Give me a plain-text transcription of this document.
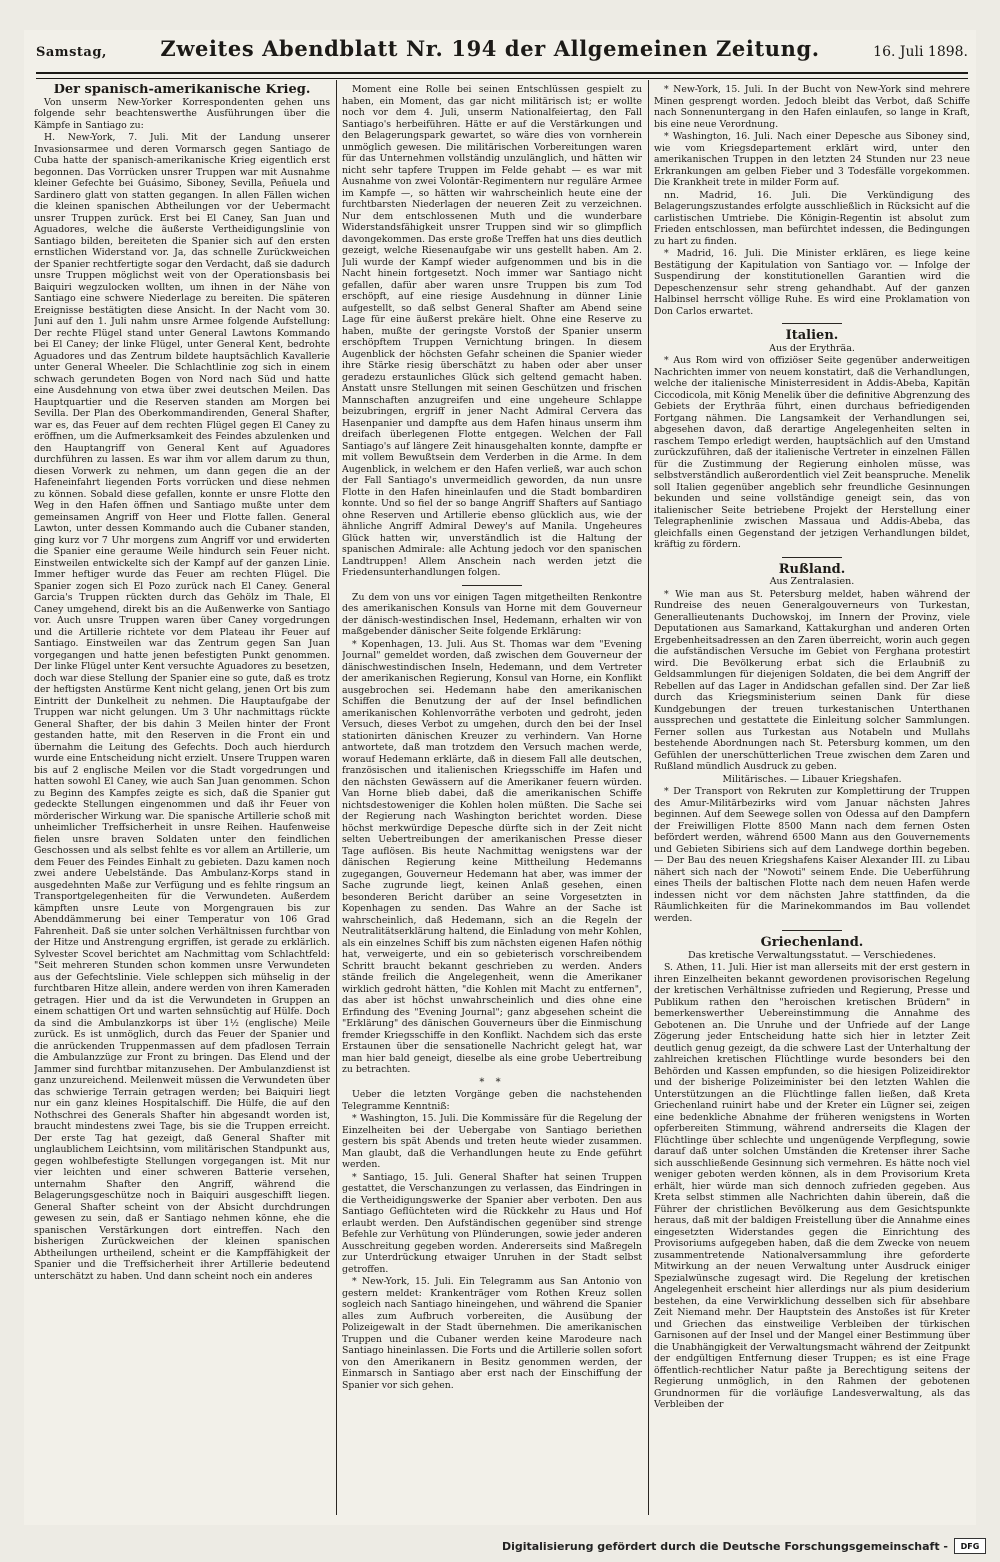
Samstag,	Zweites Abendblatt Nr. 194 der Allgemeinen Zeitung.	16. Juli 1898.

Der spanisch-amerikanische Krieg.

Von unserm New-Yorker Korrespondenten gehen uns folgende sehr beachtenswerthe Ausführungen über die Kämpfe in Santiago zu:

H. New-York, 7. Juli. Mit der Landung unserer Invasionsarmee und deren Vormarsch gegen Santiago de Cuba hatte der spanisch-amerikanische Krieg eigentlich erst begonnen. Das Vorrücken unsrer Truppen war mit Ausnahme kleiner Gefechte bei Guásimo, Siboney, Sevilla, Peñuela und Sardinero glatt von statten gegangen. In allen Fällen wichen die kleinen spanischen Abtheilungen vor der Uebermacht unsrer Truppen zurück. Erst bei El Caney, San Juan und Aguadores, welche die äußerste Vertheidigungslinie von Santiago bilden, bereiteten die Spanier sich auf den ersten ernstlichen Widerstand vor. Ja, das schnelle Zurückweichen der Spanier rechtfertigte sogar den Verdacht, daß sie dadurch unsre Truppen möglichst weit von der Operationsbasis bei Baiquiri wegzulocken wollten, um ihnen in der Nähe von Santiago eine schwere Niederlage zu bereiten. Die späteren Ereignisse bestätigten diese Ansicht. In der Nacht vom 30. Juni auf den 1. Juli nahm unsre Armee folgende Aufstellung: Der rechte Flügel stand unter General Lawtons Kommando bei El Caney; der linke Flügel, unter General Kent, bedrohte Aguadores und das Zentrum bildete hauptsächlich Kavallerie unter General Wheeler. Die Schlachtlinie zog sich in einem schwach gerundeten Bogen von Nord nach Süd und hatte eine Ausdehnung von etwa über zwei deutschen Meilen. Das Hauptquartier und die Reserven standen am Morgen bei Sevilla. Der Plan des Oberkommandirenden, General Shafter, war es, das Feuer auf dem rechten Flügel gegen El Caney zu eröffnen, um die Aufmerksamkeit des Feindes abzulenken und den Hauptangriff von General Kent auf Aguadores durchführen zu lassen. Es war ihm vor allem darum zu thun, diesen Vorwerk zu nehmen, um dann gegen die an der Hafeneinfahrt liegenden Forts vorrücken und diese nehmen zu können. Sobald diese gefallen, konnte er unsre Flotte den Weg in den Hafen öffnen und Santiago mußte unter dem gemeinsamen Angriff von Heer und Flotte fallen. General Lawton, unter dessen Kommando auch die Cubaner standen, ging kurz vor 7 Uhr morgens zum Angriff vor und erwiderten die Spanier eine geraume Weile hindurch sein Feuer nicht. Einstweilen entwickelte sich der Kampf auf der ganzen Linie. Immer heftiger wurde das Feuer am rechten Flügel. Die Spanier zogen sich El Pozo zurück nach El Caney. General Garcia's Truppen rückten durch das Gehölz im Thale, El Caney umgehend, direkt bis an die Außenwerke von Santiago vor. Auch unsre Truppen waren über Caney vorgedrungen und die Artillerie richtete vor dem Plateau ihr Feuer auf Santiago. Einstweilen war das Zentrum gegen San Juan vorgegangen und hatte jenen befestigten Punkt genommen. Der linke Flügel unter Kent versuchte Aguadores zu besetzen, doch war diese Stellung der Spanier eine so gute, daß es trotz der heftigsten Anstürme Kent nicht gelang, jenen Ort bis zum Eintritt der Dunkelheit zu nehmen. Die Hauptaufgabe der Truppen war nicht gelungen. Um 3 Uhr nachmittags rückte General Shafter, der bis dahin 3 Meilen hinter der Front gestanden hatte, mit den Reserven in die Front ein und übernahm die Leitung des Gefechts. Doch auch hierdurch wurde eine Entscheidung nicht erzielt. Unsere Truppen waren bis auf 2 englische Meilen vor die Stadt vorgedrungen und hatten sowohl El Caney, wie auch San Juan genommen. Schon zu Beginn des Kampfes zeigte es sich, daß die Spanier gut gedeckte Stellungen eingenommen und daß ihr Feuer von mörderischer Wirkung war. Die spanische Artillerie schoß mit unheimlicher Treffsicherheit in unsre Reihen. Haufenweise fielen unsre braven Soldaten unter den feindlichen Geschossen und als selbst fehlte es vor allem an Artillerie, um dem Feuer des Feindes Einhalt zu gebieten. Dazu kamen noch zwei andere Uebelstände. Das Ambulanz-Korps stand in ausgedehnten Maße zur Verfügung und es fehlte ringsum an Transportgelegenheiten für die Verwundeten. Außerdem kämpften unsre Leute von Morgengrauen bis zur Abenddämmerung bei einer Temperatur von 106 Grad Fahrenheit. Daß sie unter solchen Verhältnissen furchtbar von der Hitze und Anstrengung ergriffen, ist gerade zu erklärlich. Sylvester Scovel berichtet am Nachmittag vom Schlachtfeld: "Seit mehreren Stunden schon kommen unsre Verwundeten aus der Gefechtslinie. Viele schleppen sich mühselig in der furchtbaren Hitze allein, andere werden von ihren Kameraden getragen. Hier und da ist die Verwundeten in Gruppen an einem schattigen Ort und warten sehnsüchtig auf Hülfe. Doch da sind die Ambulanzkorps ist über 1½ (englische) Meile zurück. Es ist unmöglich, durch das Feuer der Spanier und die anrückenden Truppenmassen auf dem pfadlosen Terrain die Ambulanzzüge zur Front zu bringen. Das Elend und der Jammer sind furchtbar mitanzusehen. Der Ambulanzdienst ist ganz unzureichend. Meilenweit müssen die Verwundeten über das schwierige Terrain getragen werden; bei Baiquiri liegt nur ein ganz kleines Hospitalschiff. Die Hülfe, die auf den Nothschrei des Generals Shafter hin abgesandt worden ist, braucht mindestens zwei Tage, bis sie die Truppen erreicht. Der erste Tag hat gezeigt, daß General Shafter mit unglaublichem Leichtsinn, vom militärischen Standpunkt aus, gegen wohlbefestigte Stellungen vorgegangen ist. Mit nur vier leichten und einer schweren Batterie versehen, unternahm Shafter den Angriff, während die Belagerungsgeschütze noch in Baiquiri ausgeschifft liegen. General Shafter scheint von der Absicht durchdrungen gewesen zu sein, daß er Santiago nehmen könne, ehe die spanischen Verstärkungen dort eintreffen. Nach den bisherigen Zurückweichen der kleinen spanischen Abtheilungen urtheilend, scheint er die Kampffähigkeit der Spanier und die Treffsicherheit ihrer Artillerie bedeutend unterschätzt zu haben. Und dann scheint noch ein anderes

Moment eine Rolle bei seinen Entschlüssen gespielt zu haben, ein Moment, das gar nicht militärisch ist; er wollte noch vor dem 4. Juli, unserm Nationalfeiertag, den Fall Santiago's herbeiführen. Hätte er auf die Verstärkungen und den Belagerungspark gewartet, so wäre dies von vornherein unmöglich gewesen. Die militärischen Vorbereitungen waren für das Unternehmen vollständig unzulänglich, und hätten wir nicht sehr tapfere Truppen im Felde gehabt — es war mit Ausnahme von zwei Volontär-Regimentern nur reguläre Armee im Kampfe —, so hätten wir wahrscheinlich heute eine der furchtbarsten Niederlagen der neueren Zeit zu verzeichnen. Nur dem entschlossenen Muth und die wunderbare Widerstandsfähigkeit unsrer Truppen sind wir so glimpflich davongekommen. Das erste große Treffen hat uns dies deutlich gezeigt, welche Riesenaufgabe wir uns gestellt haben. Am 2. Juli wurde der Kampf wieder aufgenommen und bis in die Nacht hinein fortgesetzt. Noch immer war Santiago nicht gefallen, dafür aber waren unsre Truppen bis zum Tod erschöpft, auf eine riesige Ausdehnung in dünner Linie aufgestellt, so daß selbst General Shafter am Abend seine Lage für eine äußerst prekäre hielt. Ohne eine Reserve zu haben, mußte der geringste Vorstoß der Spanier unserm erschöpftem Truppen Vernichtung bringen. In diesem Augenblick der höchsten Gefahr scheinen die Spanier wieder ihre Stärke riesig überschätzt zu haben oder aber unser geradezu erstaunliches Glück sich geltend gemacht haben. Anstatt unsre Stellungen mit seinen Geschützen und frischen Mannschaften anzugreifen und eine ungeheure Schlappe beizubringen, ergriff in jener Nacht Admiral Cervera das Hasenpanier und dampfte aus dem Hafen hinaus unserm ihm dreifach überlegenen Flotte entgegen. Welchen der Fall Santiago's auf längere Zeit hinausgehalten konnte, dampfte er mit vollem Bewußtsein dem Verderben in die Arme. In dem Augenblick, in welchem er den Hafen verließ, war auch schon der Fall Santiago's unvermeidlich geworden, da nun unsre Flotte in den Hafen hineinlaufen und die Stadt bombardiren konnte. Und so fiel der so bange Angriff Shafters auf Santiago ohne Reserven und Artillerie ebenso glücklich aus, wie der ähnliche Angriff Admiral Dewey's auf Manila. Ungeheures Glück hatten wir, unverständlich ist die Haltung der spanischen Admirale: alle Achtung jedoch vor den spanischen Landtruppen! Allem Anschein nach werden jetzt die Friedensunterhandlungen folgen.

Zu dem von uns vor einigen Tagen mitgetheilten Renkontre des amerikanischen Konsuls van Horne mit dem Gouverneur der dänisch-westindischen Insel, Hedemann, erhalten wir von maßgebender dänischer Seite folgende Erklärung:

* Kopenhagen, 13. Juli. Aus St. Thomas war dem "Evening Journal" gemeldet worden, daß zwischen dem Gouverneur der dänischwestindischen Inseln, Hedemann, und dem Vertreter der amerikanischen Regierung, Konsul van Horne, ein Konflikt ausgebrochen sei. Hedemann habe den amerikanischen Schiffen die Benutzung der auf der Insel befindlichen amerikanischen Kohlenvorräthe verboten und gedroht, jeden Versuch, dieses Verbot zu umgehen, durch den bei der Insel stationirten dänischen Kreuzer zu verhindern. Van Horne antwortete, daß man trotzdem den Versuch machen werde, worauf Hedemann erklärte, daß in diesem Fall alle deutschen, französischen und italienischen Kriegsschiffe im Hafen und den nächsten Gewässern auf die Amerikaner feuern würden. Van Horne blieb dabei, daß die amerikanischen Schiffe nichtsdestoweniger die Kohlen holen müßten. Die Sache sei der Regierung nach Washington berichtet worden. Diese höchst merkwürdige Depesche dürfte sich in der Zeit nicht selten Uebertreibungen der amerikanischen Presse dieser Tage auflösen. Bis heute Nachmittag wenigstens war der dänischen Regierung keine Mittheilung Hedemanns zugegangen, Gouverneur Hedemann hat aber, was immer der Sache zugrunde liegt, keinen Anlaß gesehen, einen besonderen Bericht darüber an seine Vorgesetzten in Kopenhagen zu senden. Das Wahre an der Sache ist wahrscheinlich, daß Hedemann, sich an die Regeln der Neutralitätserklärung haltend, die Einladung von mehr Kohlen, als ein einzelnes Schiff bis zum nächsten eigenen Hafen nöthig hat, verweigerte, und ein so gebieterisch vorschreibendem Schritt braucht bekannt geschrieben zu werden. Anders stände freilich die Angelegenheit, wenn die Amerikaner wirklich gedroht hätten, "die Kohlen mit Macht zu entfernen", das aber ist höchst unwahrscheinlich und dies ohne eine Erfindung des "Evening Journal"; ganz abgesehen scheint die "Erklärung" des dänischen Gouverneurs über die Einmischung fremder Kriegsschiffe in den Konflikt. Nachdem sich das erste Erstaunen über die sensationelle Nachricht gelegt hat, war man hier bald geneigt, dieselbe als eine grobe Uebertreibung zu betrachten.

* *

Ueber die letzten Vorgänge geben die nachstehenden Telegramme Kenntniß:

* Washington, 15. Juli. Die Kommissäre für die Regelung der Einzelheiten bei der Uebergabe von Santiago beriethen gestern bis spät Abends und treten heute wieder zusammen. Man glaubt, daß die Verhandlungen heute zu Ende geführt werden.

* Santiago, 15. Juli. General Shafter hat seinen Truppen gestattet, die Verschanzungen zu verlassen, das Eindringen in die Vertheidigungswerke der Spanier aber verboten. Den aus Santiago Geflüchteten wird die Rückkehr zu Haus und Hof erlaubt werden. Den Aufständischen gegenüber sind strenge Befehle zur Verhütung von Plünderungen, sowie jeder anderen Ausschreitung gegeben worden. Andererseits sind Maßregeln zur Unterdrückung etwaiger Unruhen in der Stadt selbst getroffen.

* New-York, 15. Juli. Ein Telegramm aus San Antonio von gestern meldet: Krankenträger vom Rothen Kreuz sollen sogleich nach Santiago hineingehen, und während die Spanier alles zum Aufbruch vorbereiten, die Ausübung der Polizeigewalt in der Stadt übernehmen. Die amerikanischen Truppen und die Cubaner werden keine Marodeure nach Santiago hineinlassen. Die Forts und die Artillerie sollen sofort von den Amerikanern in Besitz genommen werden, der Einmarsch in Santiago aber erst nach der Einschiffung der Spanier vor sich gehen.

* New-York, 15. Juli. In der Bucht von New-York sind mehrere Minen gesprengt worden. Jedoch bleibt das Verbot, daß Schiffe nach Sonnenuntergang in den Hafen einlaufen, so lange in Kraft, bis eine neue Verordnung.

* Washington, 16. Juli. Nach einer Depesche aus Siboney sind, wie vom Kriegsdepartement erklärt wird, unter den amerikanischen Truppen in den letzten 24 Stunden nur 23 neue Erkrankungen am gelben Fieber und 3 Todesfälle vorgekommen. Die Krankheit trete in milder Form auf.

nn. Madrid, 16. Juli. Die Verkündigung des Belagerungszustandes erfolgte ausschließlich in Rücksicht auf die carlistischen Umtriebe. Die Königin-Regentin ist absolut zum Frieden entschlossen, man befürchtet indessen, die Bedingungen zu hart zu finden.

* Madrid, 16. Juli. Die Minister erklären, es liege keine Bestätigung der Kapitulation von Santiago vor. — Infolge der Suspendirung der konstitutionellen Garantien wird die Depeschenzensur sehr streng gehandhabt. Auf der ganzen Halbinsel herrscht völlige Ruhe. Es wird eine Proklamation von Don Carlos erwartet.

Italien.

Aus der Erythräa.

* Aus Rom wird von offiziöser Seite gegenüber anderweitigen Nachrichten immer von neuem konstatirt, daß die Verhandlungen, welche der italienische Ministerresident in Addis-Abeba, Kapitän Ciccodicola, mit König Menelik über die definitive Abgrenzung des Gebiets der Erythräa führt, einen durchaus befriedigenden Fortgang nähmen. Die Langsamkeit der Verhandlungen sei, abgesehen davon, daß derartige Angelegenheiten selten in raschem Tempo erledigt werden, hauptsächlich auf den Umstand zurückzuführen, daß der italienische Vertreter in einzelnen Fällen für die Zustimmung der Regierung einholen müsse, was selbstverständlich außerordentlich viel Zeit beanspruche. Menelik soll Italien gegenüber angeblich sehr freundliche Gesinnungen bekunden und seine vollständige geneigt sein, das von italienischer Seite betriebene Projekt der Herstellung einer Telegraphenlinie zwischen Massaua und Addis-Abeba, das gleichfalls einen Gegenstand der jetzigen Verhandlungen bildet, kräftig zu fördern.

Rußland.

Aus Zentralasien.

* Wie man aus St. Petersburg meldet, haben während der Rundreise des neuen Generalgouverneurs von Turkestan, Generallieutenants Duchowskoj, im Innern der Provinz, viele Deputationen aus Samarkand, Kattakurghan und anderen Orten Ergebenheitsadressen an den Zaren überreicht, worin auch gegen die aufständischen Versuche im Gebiet von Ferghana protestirt wird. Die Bevölkerung erbat sich die Erlaubniß zu Geldsammlungen für diejenigen Soldaten, die bei dem Angriff der Rebellen auf das Lager in Andidschan gefallen sind. Der Zar ließ durch das Kriegsministerium seinen Dank für diese Kundgebungen der treuen turkestanischen Unterthanen aussprechen und gestattete die Einleitung solcher Sammlungen. Ferner sollen aus Turkestan aus Notabeln und Mullahs bestehende Abordnungen nach St. Petersburg kommen, um den Gefühlen der unerschütterlichen Treue zwischen dem Zaren und Rußland mündlich Ausdruck zu geben.

Militärisches. — Libauer Kriegshafen.

* Der Transport von Rekruten zur Komplettirung der Truppen des Amur-Militärbezirks wird vom Januar nächsten Jahres beginnen. Auf dem Seewege sollen von Odessa auf den Dampfern der Freiwilligen Flotte 8500 Mann nach dem fernen Osten befördert werden, während 6500 Mann aus den Gouvernements und Gebieten Sibiriens sich auf dem Landwege dorthin begeben. — Der Bau des neuen Kriegshafens Kaiser Alexander III. zu Libau nähert sich nach der "Nowoti" seinem Ende. Die Ueberführung eines Theils der baltischen Flotte nach dem neuen Hafen werde indessen nicht vor dem nächsten Jahre stattfinden, da die Räumlichkeiten für die Marinekommandos im Bau vollendet werden.

Griechenland.

Das kretische Verwaltungsstatut. — Verschiedenes.

S. Athen, 11. Juli. Hier ist man allerseits mit der erst gestern in ihren Einzelheiten bekannt gewordenen provisorischen Regelung der kretischen Verhältnisse zufrieden und Regierung, Presse und Publikum rathen den "heroischen kretischen Brüdern" in bemerkenswerther Uebereinstimmung die Annahme des Gebotenen an. Die Unruhe und der Unfriede auf der Lange Zögerung jeder Entscheidung hatte sich hier in letzter Zeit deutlich genug gezeigt, da die schwere Last der Unterhaltung der zahlreichen kretischen Flüchtlinge wurde besonders bei den Behörden und Kassen empfunden, so die hiesigen Polizeidirektor und der bisherige Polizeiminister bei den letzten Wahlen die Unterstützungen an die Flüchtlinge fallen ließen, daß Kreta Griechenland ruinirt habe und der Kreter ein Lügner sei, zeigen eine bedenkliche Abnahme der früheren wenigstens in Worten opferbereiten Stimmung, während andrerseits die Klagen der Flüchtlinge über schlechte und ungenügende Verpflegung, sowie darauf daß unter solchen Umständen die Kretenser ihrer Sache sich ausschließende Gesinnung sich vermehren. Es hätte noch viel weniger geboten werden können, als in dem Provisorium Kreta erhält, hier würde man sich dennoch zufrieden gegeben. Aus Kreta selbst stimmen alle Nachrichten dahin überein, daß die Führer der christlichen Bevölkerung aus dem Gesichtspunkte heraus, daß mit der baldigen Freistellung über die Annahme eines eingesetzten Widerstandes gegen die Einrichtung des Provisoriums aufgegeben haben, daß die dem Zwecke von neuem zusammentretende Nationalversammlung ihre geforderte Mitwirkung an der neuen Verwaltung unter Ausdruck einiger Spezialwünsche zugesagt wird. Die Regelung der kretischen Angelegenheit erscheint hier allerdings nur als pium desiderium bestehen, da eine Verwirklichung desselben sich für absehbare Zeit Niemand mehr. Der Hauptstein des Anstoßes ist für Kreter und Griechen das einstweilige Verbleiben der türkischen Garnisonen auf der Insel und der Mangel einer Bestimmung über die Unabhängigkeit der Verwaltungsmacht während der Zeitpunkt der endgültigen Entfernung dieser Truppen; es ist eine Frage öffentlich-rechtlicher Natur paßte ja Berechtigung seitens der Regierung unmöglich, in den Rahmen der gebotenen Grundnormen für die vorläufige Landesverwaltung, als das Verbleiben der

Digitalisierung gefördert durch die Deutsche Forschungsgemeinschaft -	DFG
